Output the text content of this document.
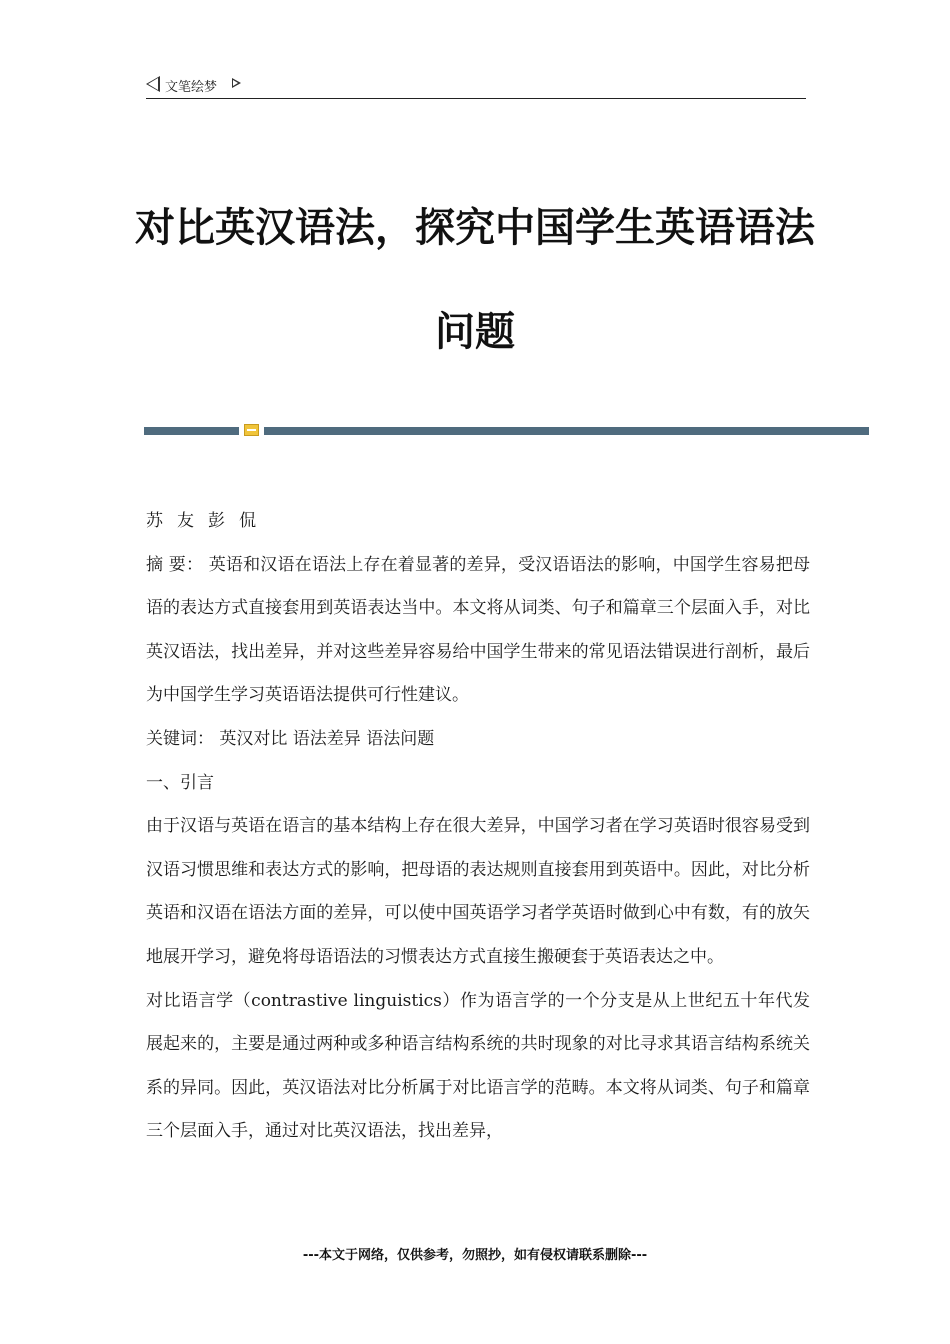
文笔绘梦
对比英汉语法，探究中国学生英语语法
问题

苏友彭侃

摘 要： 英语和汉语在语法上存在着显著的差异，受汉语语法的影响，中国学生容易把母语的表达方式直接套用到英语表达当中。本文将从词类、句子和篇章三个层面入手，对比英汉语法，找出差异，并对这些差异容易给中国学生带来的常见语法错误进行剖析，最后为中国学生学习英语语法提供可行性建议。

关键词： 英汉对比 语法差异 语法问题

一、引言

由于汉语与英语在语言的基本结构上存在很大差异，中国学习者在学习英语时很容易受到汉语习惯思维和表达方式的影响，把母语的表达规则直接套用到英语中。因此，对比分析英语和汉语在语法方面的差异，可以使中国英语学习者学英语时做到心中有数，有的放矢地展开学习，避免将母语语法的习惯表达方式直接生搬硬套于英语表达之中。

对比语言学（contrastive linguistics）作为语言学的一个分支是从上世纪五十年代发展起来的，主要是通过两种或多种语言结构系统的共时现象的对比寻求其语言结构系统关系的异同。因此，英汉语法对比分析属于对比语言学的范畴。本文将从词类、句子和篇章三个层面入手，通过对比英汉语法，找出差异，

---本文于网络，仅供参考，勿照抄，如有侵权请联系删除---
